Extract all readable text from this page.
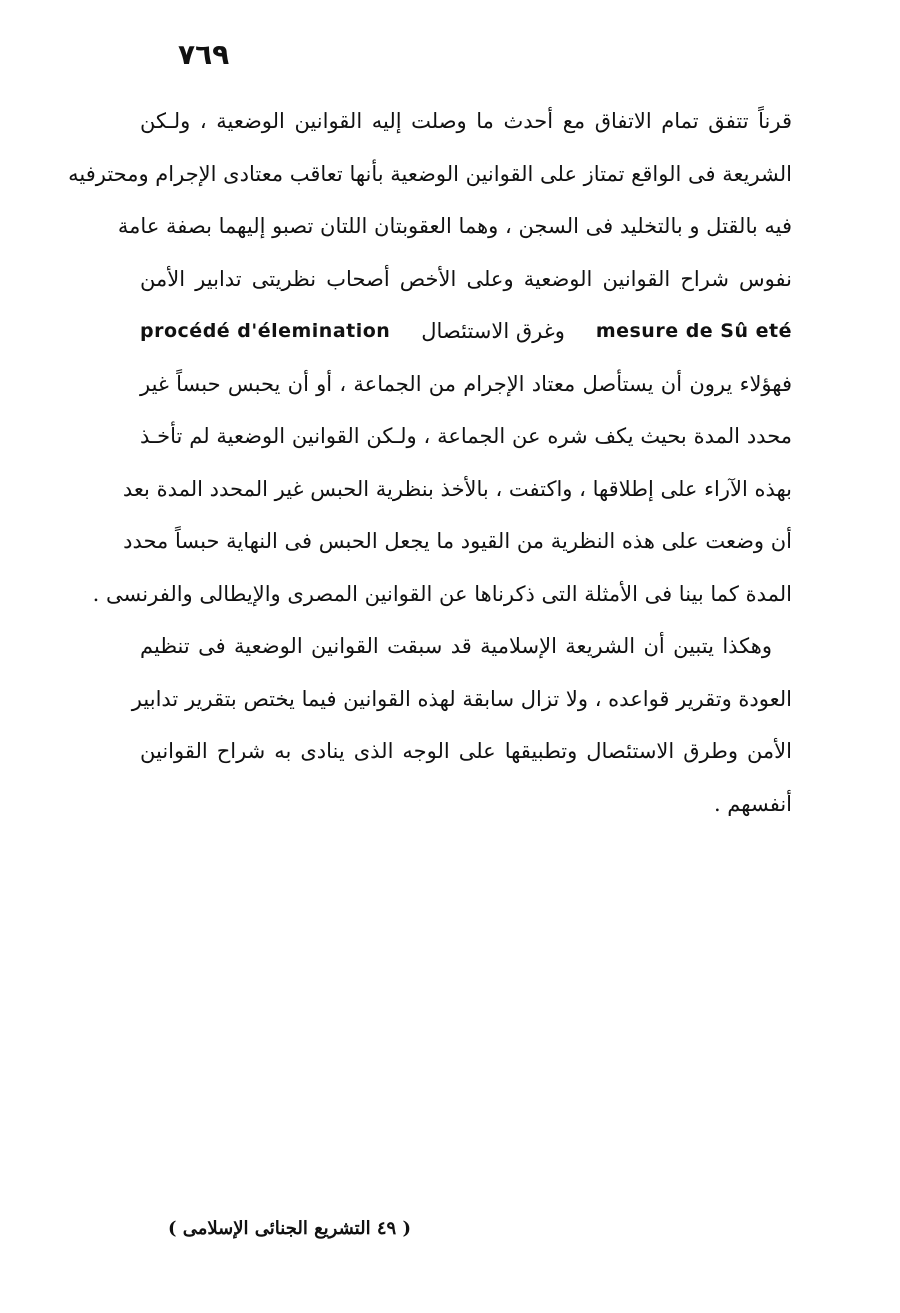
٧٦٩
قرناً تتفق تمام الاتفاق مع أحدث ما وصلت إليه القوانين الوضعية ، ولـكن
الشريعة فى الواقع تمتاز على القوانين الوضعية بأنها تعاقب معتادى الإجرام ومحترفيه
فيه بالقتل و بالتخليد فى السجن ، وهما العقوبتان اللتان تصبو إليهما بصفة عامة
نفوس شراح القوانين الوضعية وعلى الأخص أصحاب نظريتى تدابير الأمن
mesure de Sû eté
وغرق الاستئصال
procédé d'élemination
فهؤلاء يرون أن يستأصل معتاد الإجرام من الجماعة ، أو أن يحبس حبساً غير
محدد المدة بحيث يكف شره عن الجماعة ، ولـكن القوانين الوضعية لم تأخـذ
بهذه الآراء على إطلاقها ، واكتفت ، بالأخذ بنظرية الحبس غير المحدد المدة بعد
أن وضعت على هذه النظرية من القيود ما يجعل الحبس فى النهاية حبساً محدد
المدة كما بينا فى الأمثلة التى ذكرناها عن القوانين المصرى والإيطالى والفرنسى .
وهكذا يتبين أن الشريعة الإسلامية قد سبقت القوانين الوضعية فى تنظيم
العودة وتقرير قواعده ، ولا تزال سابقة لهذه القوانين فيما يختص بتقرير تدابير
الأمن وطرق الاستئصال وتطبيقها على الوجه الذى ينادى به شراح القوانين
أنفسهم .
( ٤٩ التشريع الجنائى الإسلامى )
